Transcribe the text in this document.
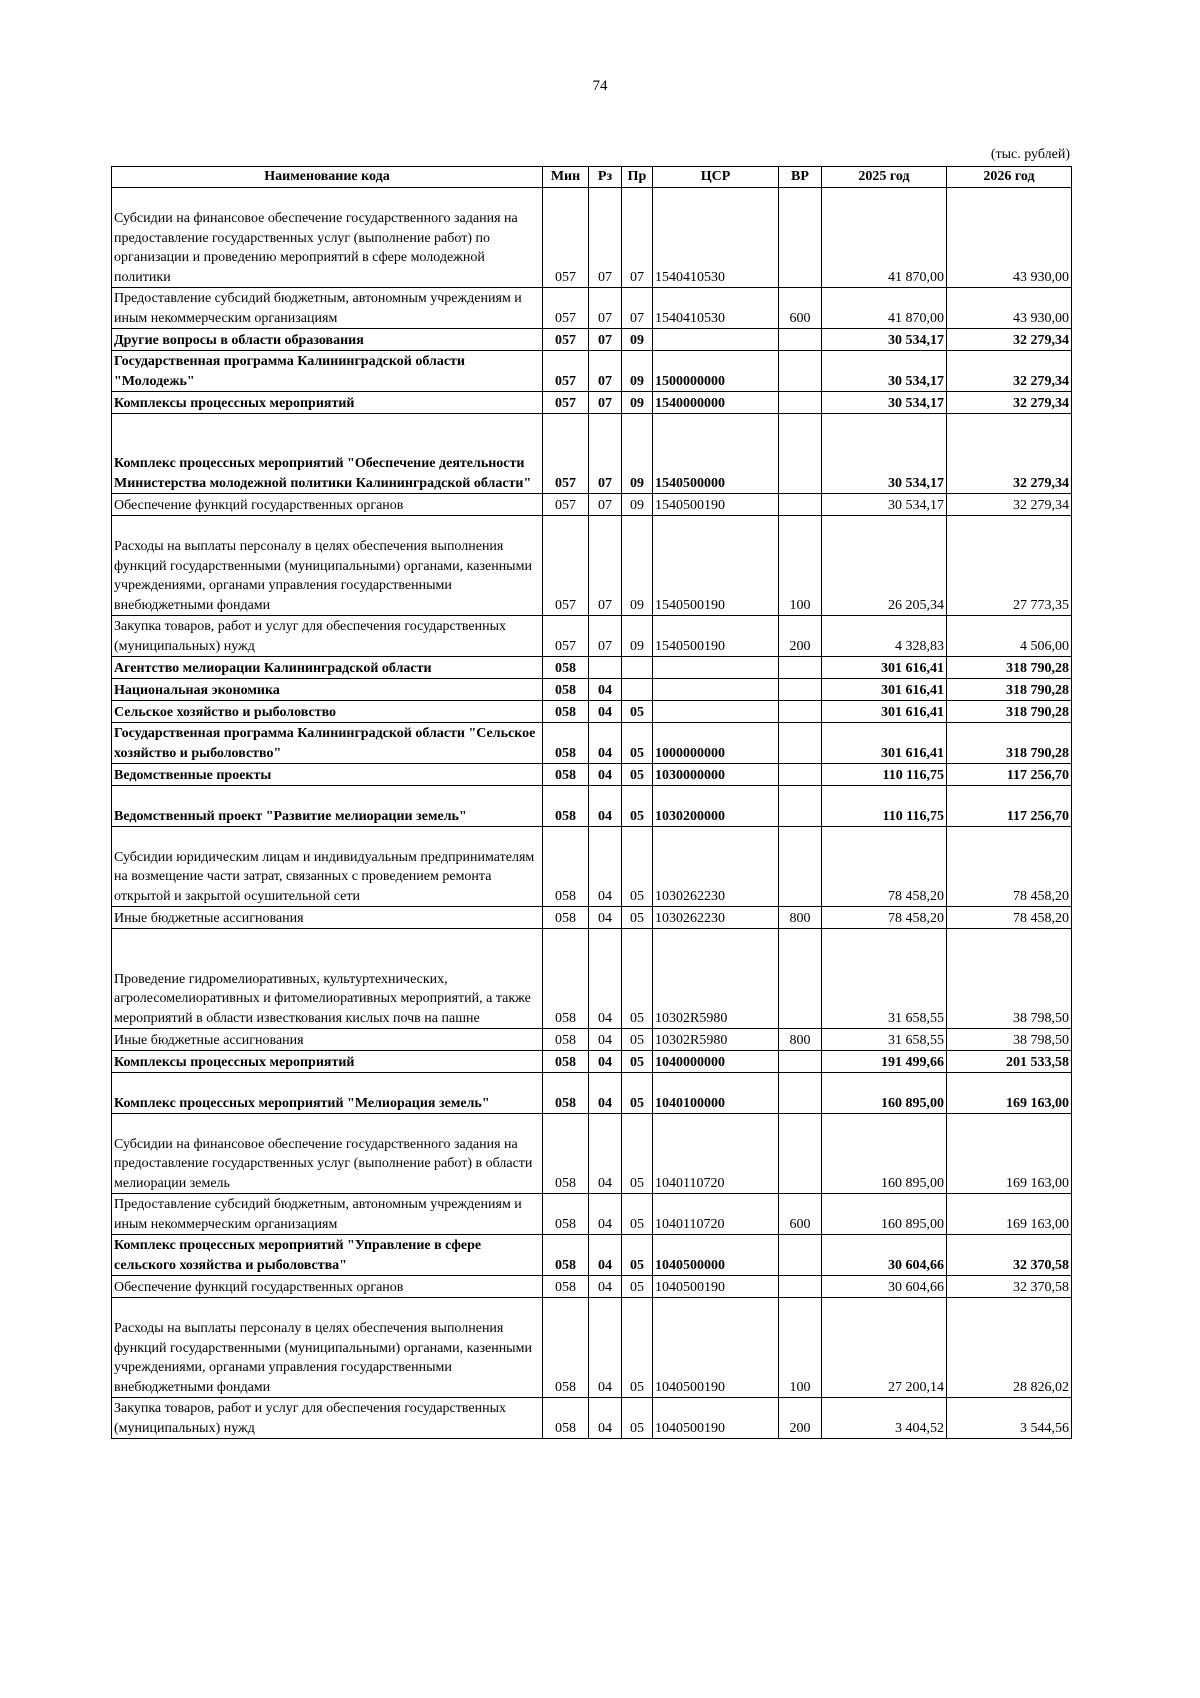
74
(тыс. рублей)
Наименование кода	Мин	Рз	Пр	ЦСР	ВР	2025 год	2026 год
Субсидии на финансовое обеспечение государственного задания на предоставление государственных услуг (выполнение работ) по организации и проведению мероприятий в сфере молодежной политики	057	07	07	1540410530		41 870,00	43 930,00
Предоставление субсидий бюджетным, автономным учреждениям и иным некоммерческим организациям	057	07	07	1540410530	600	41 870,00	43 930,00
Другие вопросы в области образования	057	07	09			30 534,17	32 279,34
Государственная программа Калининградской области "Молодежь"	057	07	09	1500000000		30 534,17	32 279,34
Комплексы процессных мероприятий	057	07	09	1540000000		30 534,17	32 279,34
Комплекс процессных мероприятий "Обеспечение деятельности Министерства молодежной политики Калининградской области"	057	07	09	1540500000		30 534,17	32 279,34
Обеспечение функций государственных органов	057	07	09	1540500190		30 534,17	32 279,34
Расходы на выплаты персоналу в целях обеспечения выполнения функций государственными (муниципальными) органами, казенными учреждениями, органами управления государственными внебюджетными фондами	057	07	09	1540500190	100	26 205,34	27 773,35
Закупка товаров, работ и услуг для обеспечения государственных (муниципальных) нужд	057	07	09	1540500190	200	4 328,83	4 506,00
Агентство мелиорации Калининградской области	058					301 616,41	318 790,28
Национальная экономика	058	04				301 616,41	318 790,28
Сельское хозяйство и рыболовство	058	04	05			301 616,41	318 790,28
Государственная программа Калининградской области "Сельское хозяйство и рыболовство"	058	04	05	1000000000		301 616,41	318 790,28
Ведомственные проекты	058	04	05	1030000000		110 116,75	117 256,70
Ведомственный проект "Развитие мелиорации земель"	058	04	05	1030200000		110 116,75	117 256,70
Субсидии юридическим лицам и индивидуальным предпринимателям на возмещение части затрат, связанных с проведением ремонта открытой и закрытой осушительной сети	058	04	05	1030262230		78 458,20	78 458,20
Иные бюджетные ассигнования	058	04	05	1030262230	800	78 458,20	78 458,20
Проведение гидромелиоративных, культуртехнических, агролесомелиоративных и фитомелиоративных мероприятий, а также мероприятий в области известкования кислых почв на пашне	058	04	05	10302R5980		31 658,55	38 798,50
Иные бюджетные ассигнования	058	04	05	10302R5980	800	31 658,55	38 798,50
Комплексы процессных мероприятий	058	04	05	1040000000		191 499,66	201 533,58
Комплекс процессных мероприятий "Мелиорация земель"	058	04	05	1040100000		160 895,00	169 163,00
Субсидии на финансовое обеспечение государственного задания на предоставление государственных услуг (выполнение работ) в области мелиорации земель	058	04	05	1040110720		160 895,00	169 163,00
Предоставление субсидий бюджетным, автономным учреждениям и иным некоммерческим организациям	058	04	05	1040110720	600	160 895,00	169 163,00
Комплекс процессных мероприятий "Управление в сфере сельского хозяйства и рыболовства"	058	04	05	1040500000		30 604,66	32 370,58
Обеспечение функций государственных органов	058	04	05	1040500190		30 604,66	32 370,58
Расходы на выплаты персоналу в целях обеспечения выполнения функций государственными (муниципальными) органами, казенными учреждениями, органами управления государственными внебюджетными фондами	058	04	05	1040500190	100	27 200,14	28 826,02
Закупка товаров, работ и услуг для обеспечения государственных (муниципальных) нужд	058	04	05	1040500190	200	3 404,52	3 544,56
